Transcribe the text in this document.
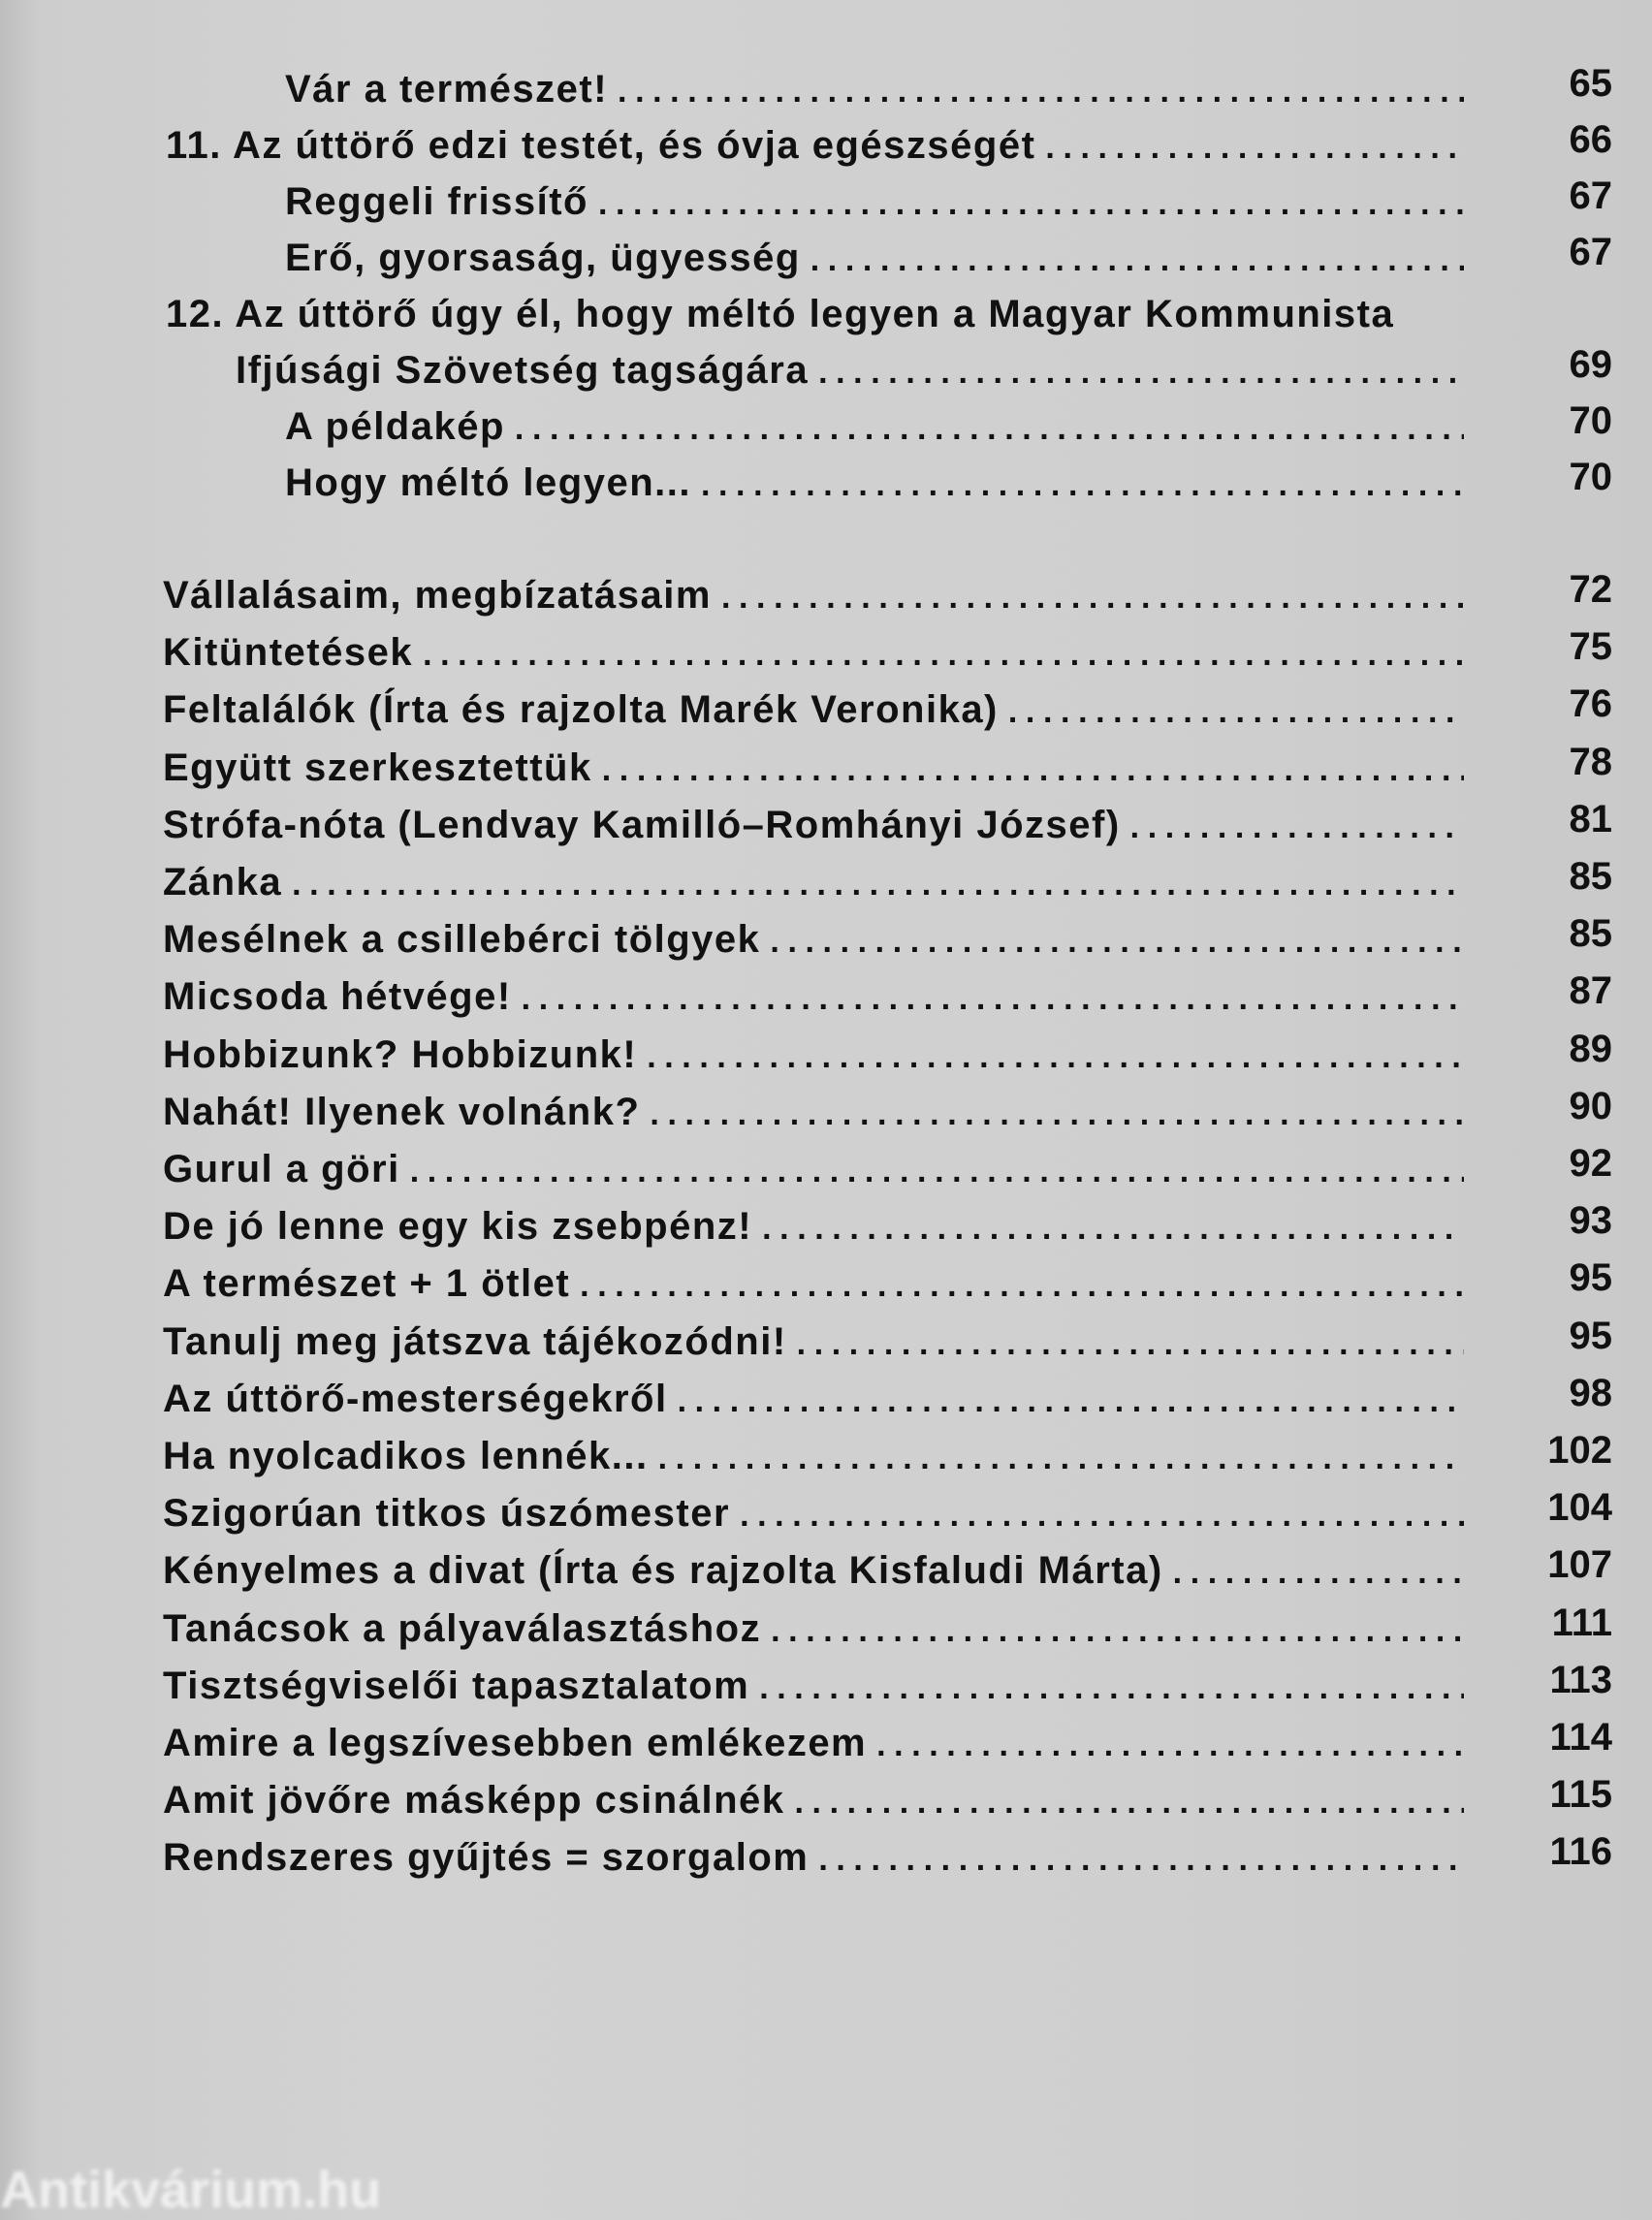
Vár a természet! .....	65
11. Az úttörő edzi testét, és óvja egészségét .....	66
Reggeli frissítő .....	67
Erő, gyorsaság, ügyesség .....	67
12. Az úttörő úgy él, hogy méltó legyen a Magyar Kommunista
Ifjúsági Szövetség tagságára .....	69
A példakép .....	70
Hogy méltó legyen... .....	70
Vállalásaim, megbízatásaim .....	72
Kitüntetések .....	75
Feltalálók (Írta és rajzolta Marék Veronika) .....	76
Együtt szerkesztettük .....	78
Strófa-nóta (Lendvay Kamilló–Romhányi József) .....	81
Zánka .....	85
Mesélnek a csillebérci tölgyek .....	85
Micsoda hétvége! .....	87
Hobbizunk? Hobbizunk! .....	89
Nahát! Ilyenek volnánk? .....	90
Gurul a göri .....	92
De jó lenne egy kis zsebpénz! .....	93
A természet + 1 ötlet .....	95
Tanulj meg játszva tájékozódni! .....	95
Az úttörő-mesterségekről .....	98
Ha nyolcadikos lennék... .....	102
Szigorúan titkos úszómester .....	104
Kényelmes a divat (Írta és rajzolta Kisfaludi Márta) .....	107
Tanácsok a pályaválasztáshoz .....	111
Tisztségviselői tapasztalatom .....	113
Amire a legszívesebben emlékezem .....	114
Amit jövőre másképp csinálnék .....	115
Rendszeres gyűjtés = szorgalom .....	116
Antikvárium.hu
